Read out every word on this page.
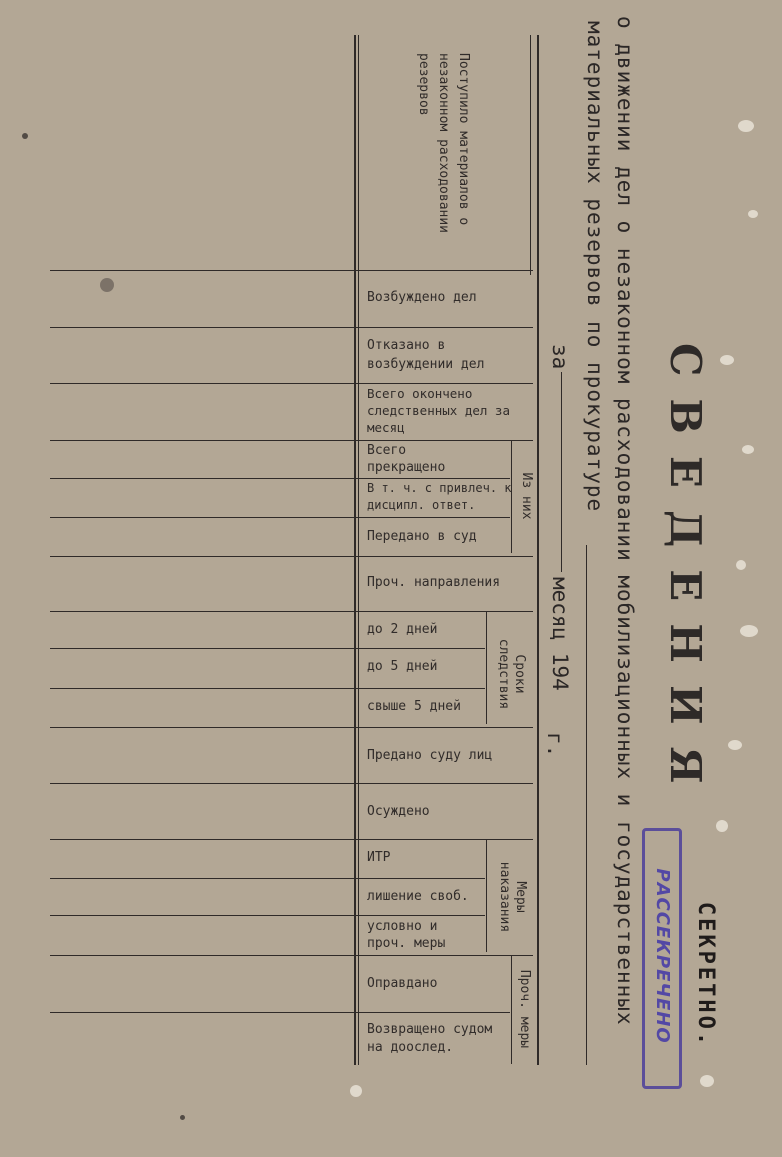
СВЕДЕНИЯ
о движении дел о незаконном расходовании мобилизационных и государственных
материальных резервов по прокуратуре
за
месяц 194
г.
РАССЕКРЕЧЕНО СЕКРЕТНО.
Поступило материалов о незаконном расходовании резервов
Из них
Сроки следствия
Меры наказания
Проч. меры
Возбуждено дел
Отказано в возбуждении дел
Всего окончено следственных дел за месяц
Всего прекращено
В т. ч. с привлеч. к дисципл. ответ.
Передано в суд
Проч. направления
до 2 дней
до 5 дней
свыше 5 дней
Предано суду лиц
Осуждено
ИТР
лишение своб.
условно и проч. меры
Оправдано
Возвращено судом на доослед.
